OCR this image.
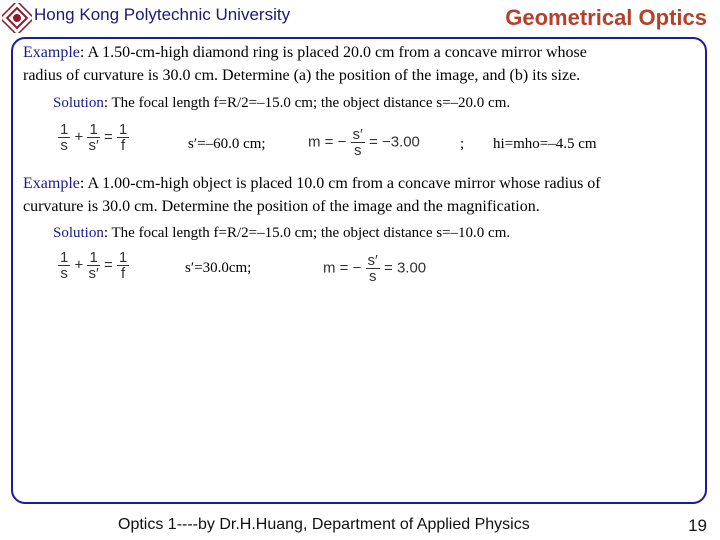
Hong Kong Polytechnic University	Geometrical Optics
Example: A 1.50-cm-high diamond ring is placed 20.0 cm from a concave mirror whose
radius of curvature is 30.0 cm. Determine (a) the position of the image, and (b) its size.
Solution: The focal length f=R/2=–15.0 cm; the object distance s=–20.0 cm.
$\frac{1}{s} + \frac{1}{s'} = \frac{1}{f}$	s′=–60.0 cm;	m = − $\frac{s'}{s} = -3.00$	; hi=mho=–4.5 cm
Example: A 1.00-cm-high object is placed 10.0 cm from a concave mirror whose radius of
curvature is 30.0 cm. Determine the position of the image and the magnification.
Solution: The focal length f=R/2=–15.0 cm; the object distance s=–10.0 cm.
$\frac{1}{s} + \frac{1}{s'} = \frac{1}{f}$	s′=30.0cm;	m = − $\frac{s'}{s} = 3.00$
Optics 1----by Dr.H.Huang, Department of Applied Physics	19
